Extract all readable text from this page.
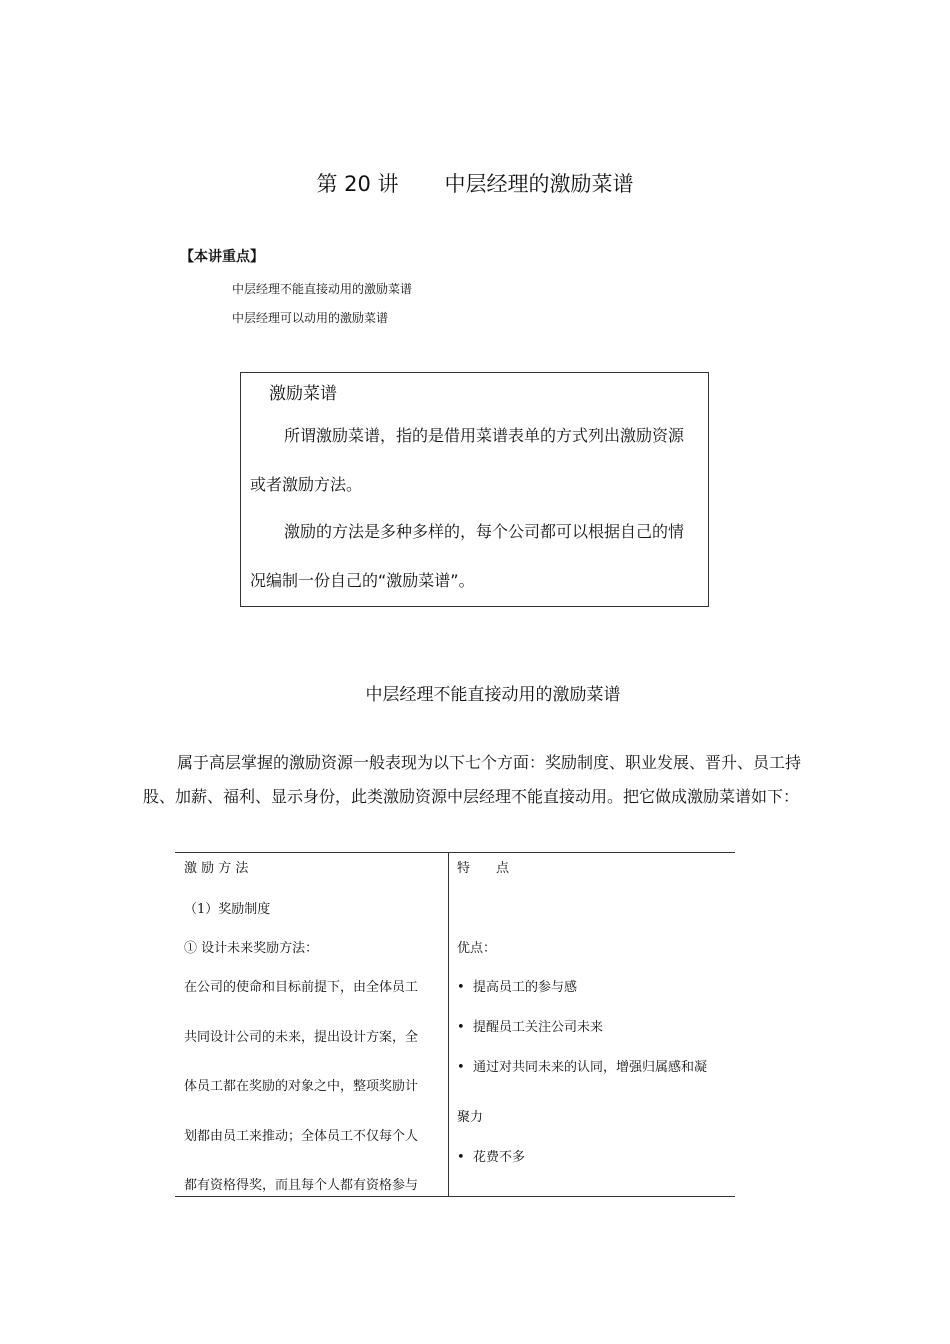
第 20 讲 中层经理的激励菜谱
【本讲重点】
中层经理不能直接动用的激励菜谱
中层经理可以动用的激励菜谱
激励菜谱
所谓激励菜谱，指的是借用菜谱表单的方式列出激励资源
或者激励方法。
激励的方法是多种多样的，每个公司都可以根据自己的情
况编制一份自己的“激励菜谱”。
中层经理不能直接动用的激励菜谱
属于高层掌握的激励资源一般表现为以下七个方面：奖励制度、职业发展、晋升、员工持
股、加薪、福利、显示身份，此类激励资源中层经理不能直接动用。把它做成激励菜谱如下：
激 励 方 法	特　　点
（1）奖励制度
① 设计未来奖励方法：
在公司的使命和目标前提下，由全体员工
共同设计公司的未来，提出设计方案，全
体员工都在奖励的对象之中，整项奖励计
划都由员工来推动；全体员工不仅每个人
都有资格得奖，而且每个人都有资格参与
优点：
• 提高员工的参与感
• 提醒员工关注公司未来
• 通过对共同未来的认同，增强归属感和凝
聚力
• 花费不多
